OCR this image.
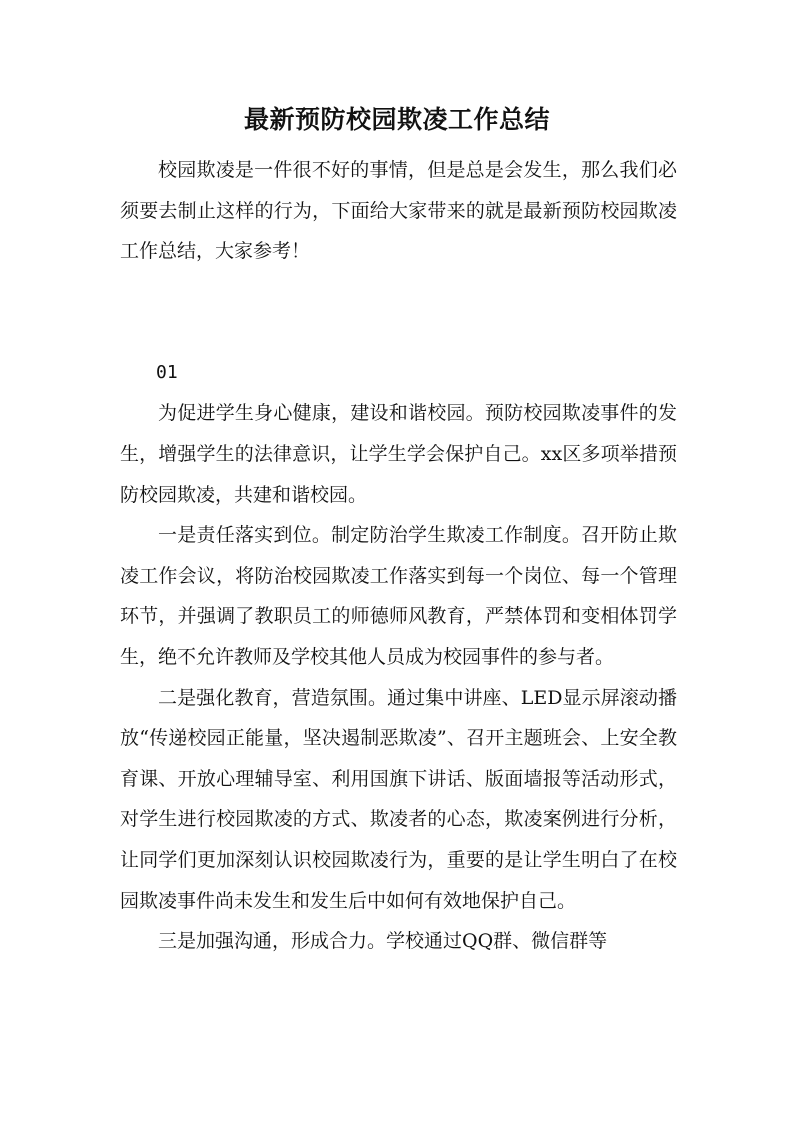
最新预防校园欺凌工作总结

校园欺凌是一件很不好的事情，但是总是会发生，那么我们必须要去制止这样的行为，下面给大家带来的就是最新预防校园欺凌工作总结，大家参考！

01

为促进学生身心健康，建设和谐校园。预防校园欺凌事件的发生，增强学生的法律意识，让学生学会保护自己。xx区多项举措预防校园欺凌，共建和谐校园。

一是责任落实到位。制定防治学生欺凌工作制度。召开防止欺凌工作会议，将防治校园欺凌工作落实到每一个岗位、每一个管理环节，并强调了教职员工的师德师风教育，严禁体罚和变相体罚学生，绝不允许教师及学校其他人员成为校园事件的参与者。

二是强化教育，营造氛围。通过集中讲座、LED显示屏滚动播放“传递校园正能量，坚决遏制恶欺凌”、召开主题班会、上安全教育课、开放心理辅导室、利用国旗下讲话、版面墙报等活动形式，对学生进行校园欺凌的方式、欺凌者的心态，欺凌案例进行分析，让同学们更加深刻认识校园欺凌行为，重要的是让学生明白了在校园欺凌事件尚未发生和发生后中如何有效地保护自己。

三是加强沟通，形成合力。学校通过QQ群、微信群等
